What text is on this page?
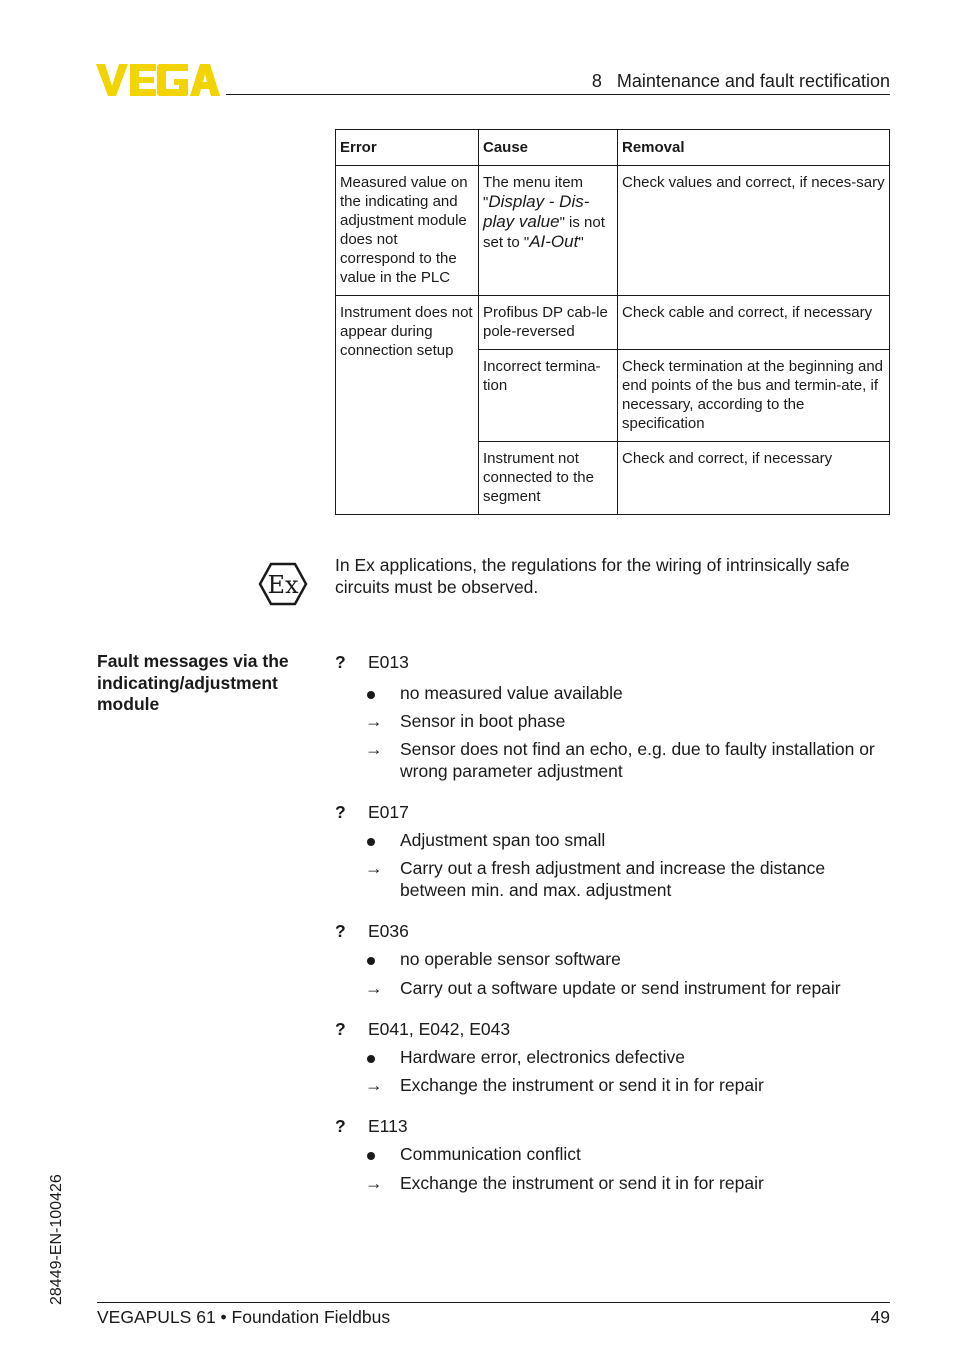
8   Maintenance and fault rectification
Error	Cause	Removal
Measured value on the indicating and adjustment module does not correspond to the value in the PLC	The menu item "Display - Dis-play value" is not set to "AI-Out"	Check values and correct, if neces-sary
Instrument does not appear during connection setup	Profibus DP cab-le pole-reversed	Check cable and correct, if necessary
	Incorrect termina-tion	Check termination at the beginning and end points of the bus and termin-ate, if necessary, according to the specification
	Instrument not connected to the segment	Check and correct, if necessary
Ex
In Ex applications, the regulations for the wiring of intrinsically safe circuits must be observed.
Fault messages via the indicating/adjustment module
?	E013
no measured value available
→ Sensor in boot phase
→ Sensor does not find an echo, e.g. due to faulty installation or wrong parameter adjustment
?	E017
Adjustment span too small
→ Carry out a fresh adjustment and increase the distance between min. and max. adjustment
?	E036
no operable sensor software
→ Carry out a software update or send instrument for repair
?	E041, E042, E043
Hardware error, electronics defective
→ Exchange the instrument or send it in for repair
?	E113
Communication conflict
→ Exchange the instrument or send it in for repair
28449-EN-100426
VEGAPULS 61 • Foundation Fieldbus	49
